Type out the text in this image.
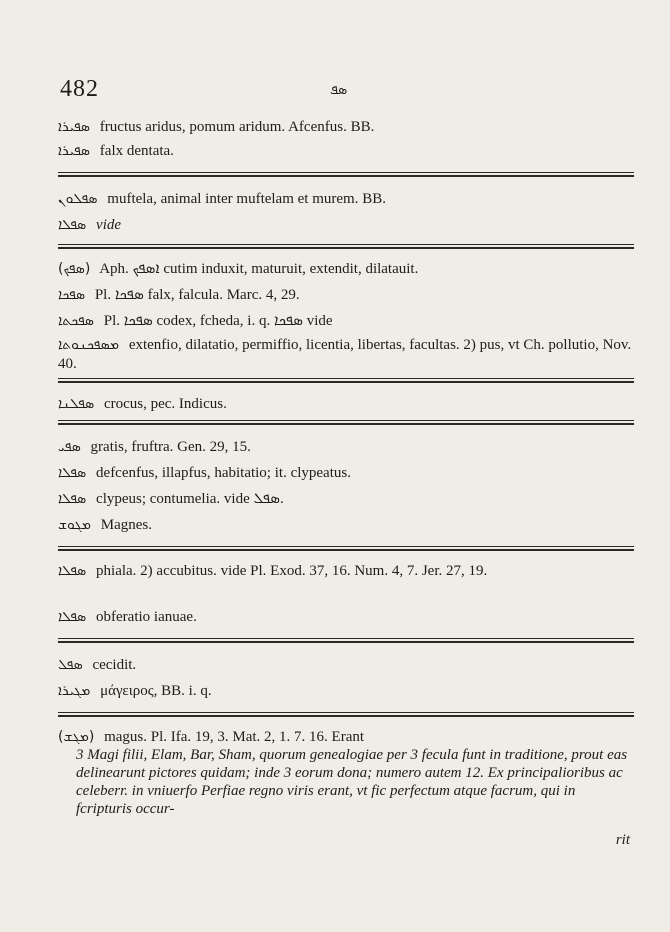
482	ܣܦ
ܣܦܝܪܐ fructus aridus, pomum aridum. Afcenfus. BB.
ܣܦܝܪܐ falx dentata.
ܣܦܠܘܢ muftela, animal inter muftelam et murem. BB.
ܣܦܠܐ vide
(ܣܦܟ) Aph. ܐܣܦܟ cutim induxit, maturuit, extendit, dilatauit.
ܣܦܟܐ Pl. ܣܦܟܐ falx, falcula. Marc. 4, 29.
ܣܦܟܬܐ Pl. ܣܦܟܐ codex, fcheda, i. q. ܣܦܟܐ vide
ܡܣܦܟܢܘܬܐ extenfio, dilatatio, permiffio, licentia, libertas, facultas. 2) pus, vt Ch. pollutio, Nov. 40.
ܣܦܠܢܐ crocus, pec. Indicus.
ܣܦܝ gratis, fruftra. Gen. 29, 15.
ܣܦܠܐ defcenfus, illapfus, habitatio; it. clypeatus.
ܣܦܠܐ clypeus; contumelia. vide ܣܦܠ.
ܡܓܘܫ Magnes.
ܣܦܠܐ phiala. 2) accubitus. vide Pl. Exod. 37, 16. Num. 4, 7. Jer. 27, 19.
ܣܦܠܐ obferatio ianuae.
ܣܦܠ cecidit.
ܡܓܝܪܐ μάγειρος, BB. i. q.
(ܡܓܫ) magus. Pl. Ifa. 19, 3. Mat. 2, 1. 7. 16. Erant
3 Magi filii, Elam, Bar, Sham, quorum genealogiae per 3 fecula funt in traditione, prout eas delinearunt pictores quidam; inde 3 eorum dona; numero autem 12. Ex principalioribus ac celeberr. in vniuerfo Perfiae regno viris erant, vt fic perfectum atque facrum, qui in fcripturis occur-
rit
